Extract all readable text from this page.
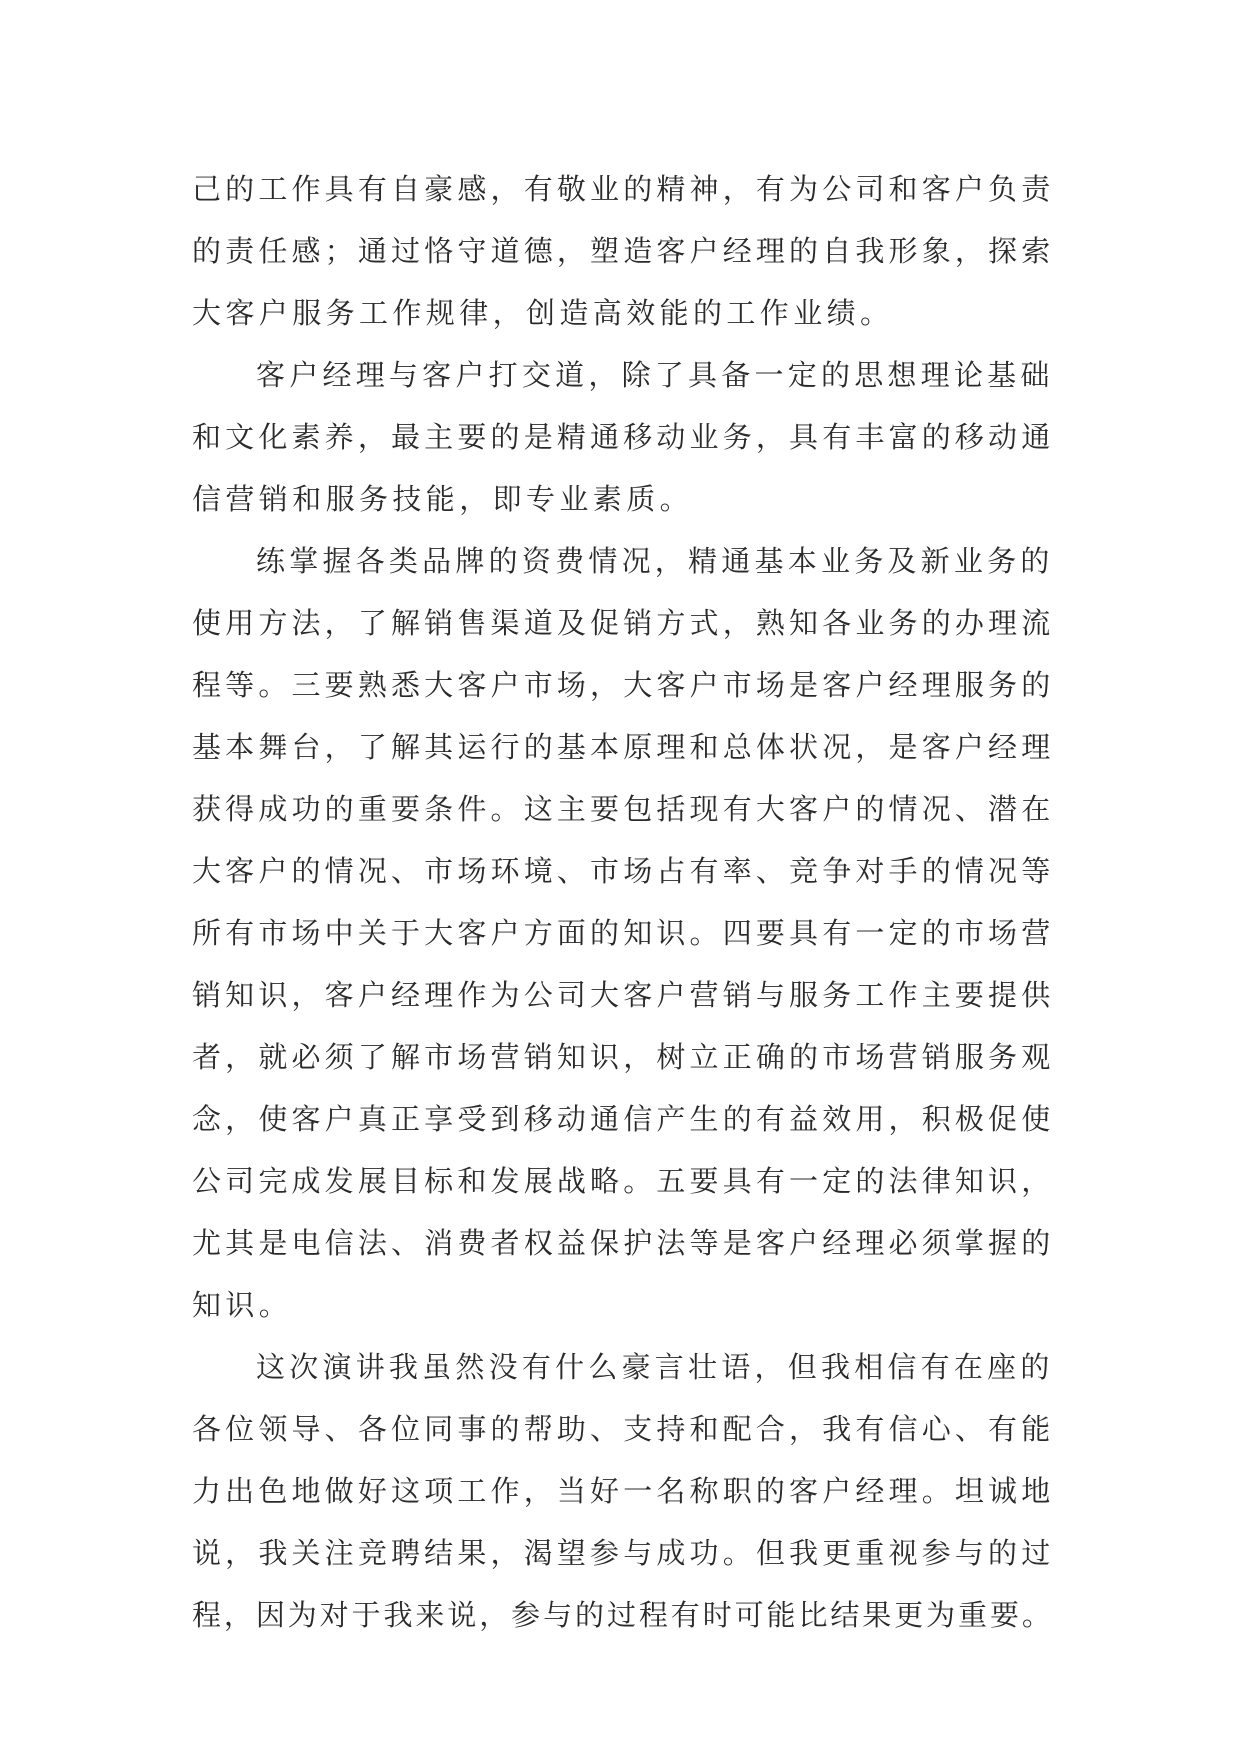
己的工作具有自豪感，有敬业的精神，有为公司和客户负责
的责任感；通过恪守道德，塑造客户经理的自我形象，探索
大客户服务工作规律，创造高效能的工作业绩。
客户经理与客户打交道，除了具备一定的思想理论基础
和文化素养，最主要的是精通移动业务，具有丰富的移动通
信营销和服务技能，即专业素质。
练掌握各类品牌的资费情况，精通基本业务及新业务的
使用方法，了解销售渠道及促销方式，熟知各业务的办理流
程等。三要熟悉大客户市场，大客户市场是客户经理服务的
基本舞台，了解其运行的基本原理和总体状况，是客户经理
获得成功的重要条件。这主要包括现有大客户的情况、潜在
大客户的情况、市场环境、市场占有率、竞争对手的情况等
所有市场中关于大客户方面的知识。四要具有一定的市场营
销知识，客户经理作为公司大客户营销与服务工作主要提供
者，就必须了解市场营销知识，树立正确的市场营销服务观
念，使客户真正享受到移动通信产生的有益效用，积极促使
公司完成发展目标和发展战略。五要具有一定的法律知识，
尤其是电信法、消费者权益保护法等是客户经理必须掌握的
知识。
这次演讲我虽然没有什么豪言壮语，但我相信有在座的
各位领导、各位同事的帮助、支持和配合，我有信心、有能
力出色地做好这项工作，当好一名称职的客户经理。坦诚地
说，我关注竞聘结果，渴望参与成功。但我更重视参与的过
程，因为对于我来说，参与的过程有时可能比结果更为重要。
